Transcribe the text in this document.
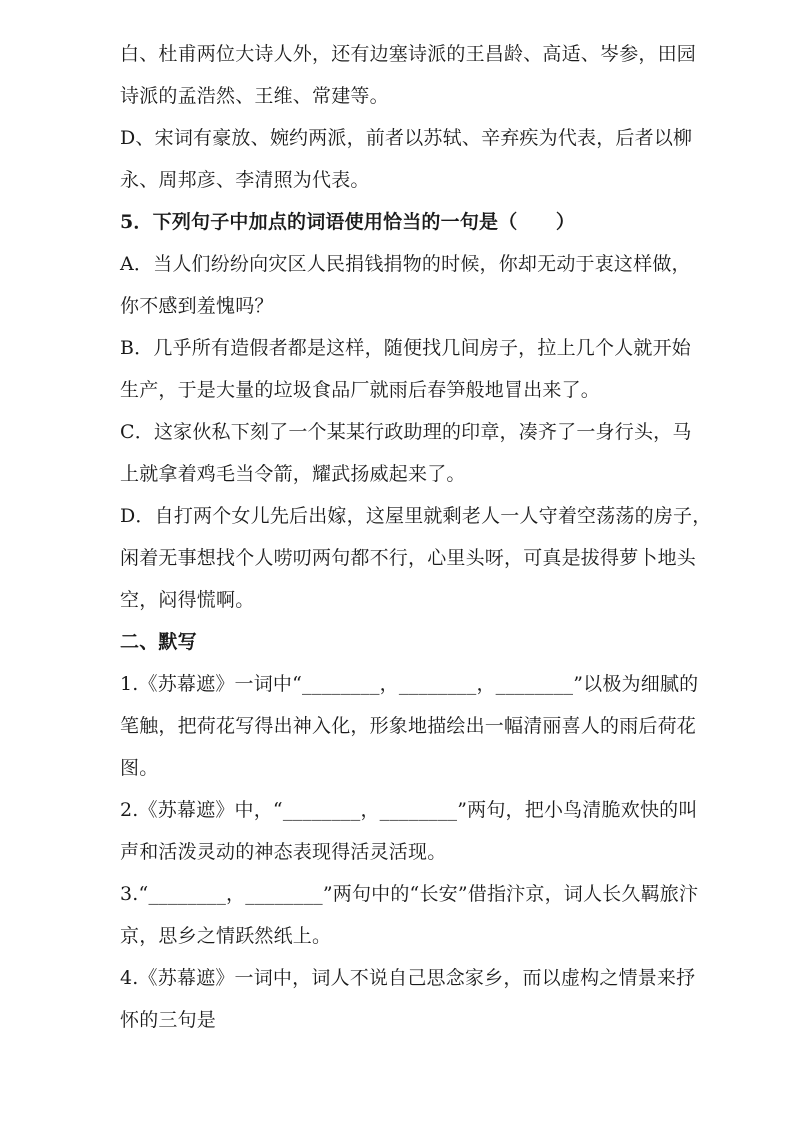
白、杜甫两位大诗人外，还有边塞诗派的王昌龄、高适、岑参，田园
诗派的孟浩然、王维、常建等。
D、宋词有豪放、婉约两派，前者以苏轼、辛弃疾为代表，后者以柳
永、周邦彦、李清照为代表。
5．下列句子中加点的词语使用恰当的一句是（　　）
A．当人们纷纷向灾区人民捐钱捐物的时候，你却无动于衷这样做，
你不感到羞愧吗？
B．几乎所有造假者都是这样，随便找几间房子，拉上几个人就开始
生产，于是大量的垃圾食品厂就雨后春笋般地冒出来了。
C．这家伙私下刻了一个某某行政助理的印章，凑齐了一身行头，马
上就拿着鸡毛当令箭，耀武扬威起来了。
D．自打两个女儿先后出嫁，这屋里就剩老人一人守着空荡荡的房子，
闲着无事想找个人唠叨两句都不行，心里头呀，可真是拔得萝卜地头
空，闷得慌啊。
二、默写
1.《苏幕遮》一词中“________，________，________”以极为细腻的
笔触，把荷花写得出神入化，形象地描绘出一幅清丽喜人的雨后荷花
图。
2.《苏幕遮》中，“________，________”两句，把小鸟清脆欢快的叫
声和活泼灵动的神态表现得活灵活现。
3.“________，________”两句中的“长安”借指汴京，词人长久羁旅汴
京，思乡之情跃然纸上。
4.《苏幕遮》一词中，词人不说自己思念家乡，而以虚构之情景来抒
怀的三句是
